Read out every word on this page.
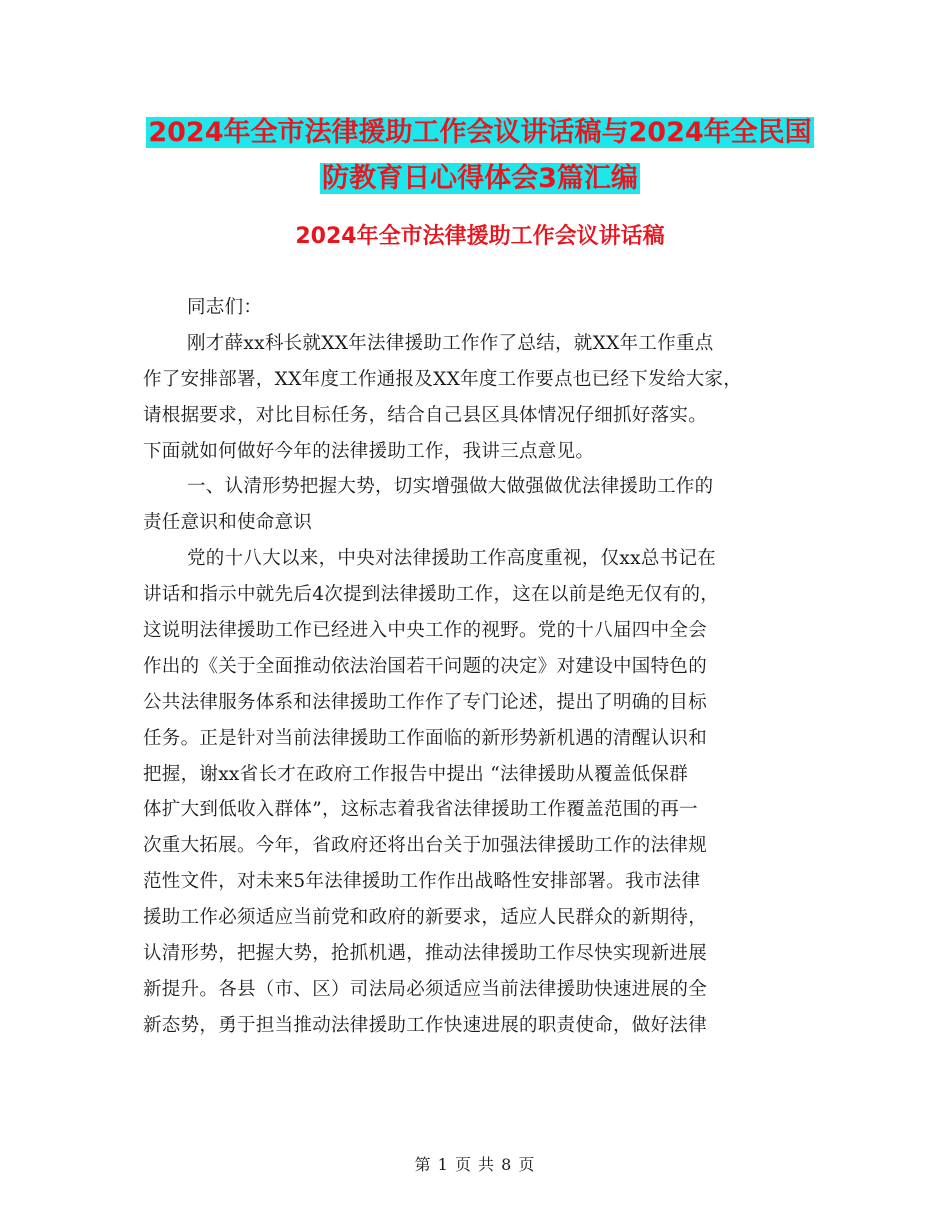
2024年全市法律援助工作会议讲话稿与2024年全民国
防教育日心得体会3篇汇编
2024年全市法律援助工作会议讲话稿
同志们：
刚才薛xx科长就XX年法律援助工作作了总结，就XX年工作重点
作了安排部署，XX年度工作通报及XX年度工作要点也已经下发给大家，
请根据要求，对比目标任务，结合自己县区具体情况仔细抓好落实。
下面就如何做好今年的法律援助工作，我讲三点意见。
一、认清形势把握大势，切实增强做大做强做优法律援助工作的
责任意识和使命意识
党的十八大以来，中央对法律援助工作高度重视，仅xx总书记在
讲话和指示中就先后4次提到法律援助工作，这在以前是绝无仅有的，
这说明法律援助工作已经进入中央工作的视野。党的十八届四中全会
作出的《关于全面推动依法治国若干问题的决定》对建设中国特色的
公共法律服务体系和法律援助工作作了专门论述，提出了明确的目标
任务。正是针对当前法律援助工作面临的新形势新机遇的清醒认识和
把握，谢xx省长才在政府工作报告中提出 “法律援助从覆盖低保群
体扩大到低收入群体”，这标志着我省法律援助工作覆盖范围的再一
次重大拓展。今年，省政府还将出台关于加强法律援助工作的法律规
范性文件，对未来5年法律援助工作作出战略性安排部署。我市法律
援助工作必须适应当前党和政府的新要求，适应人民群众的新期待，
认清形势，把握大势，抢抓机遇，推动法律援助工作尽快实现新进展
新提升。各县（市、区）司法局必须适应当前法律援助快速进展的全
新态势，勇于担当推动法律援助工作快速进展的职责使命，做好法律
第 1 页 共 8 页
